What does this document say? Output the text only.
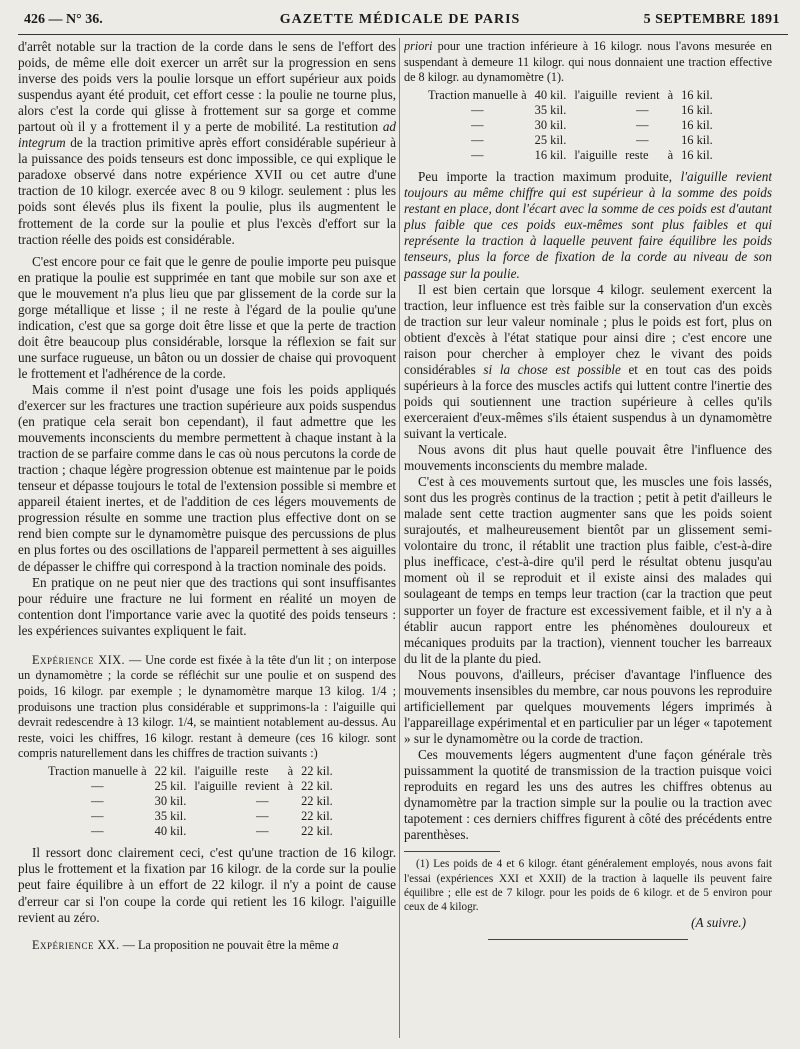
426 — N° 36.	GAZETTE MÉDICALE DE PARIS	5 SEPTEMBRE 1891

d'arrêt notable sur la traction de la corde dans le sens de l'effort des poids, de même elle doit exercer un arrêt sur la progression en sens inverse des poids vers la poulie lorsque un effort supérieur aux poids suspendus ayant été produit, cet effort cesse : la poulie ne tourne plus, alors c'est la corde qui glisse à frottement sur sa gorge et comme partout où il y a frottement il y a perte de mobilité. La restitution ad integrum de la traction primitive après effort considérable supérieur à la puissance des poids tenseurs est donc impossible, ce qui explique le paradoxe observé dans notre expérience XVII ou cet autre d'une traction de 10 kilogr. exercée avec 8 ou 9 kilogr. seulement : plus les poids sont élevés plus ils fixent la poulie, plus ils augmentent le frottement de la corde sur la poulie et plus l'excès d'effort sur la traction réelle des poids est considérable.

C'est encore pour ce fait que le genre de poulie importe peu puisque en pratique la poulie est supprimée en tant que mobile sur son axe et que le mouvement n'a plus lieu que par glissement de la corde sur la gorge métallique et lisse ; il ne reste à l'égard de la poulie qu'une indication, c'est que sa gorge doit être lisse et que la perte de traction doit être beaucoup plus considérable, lorsque la réflexion se fait sur une surface rugueuse, un bâton ou un dossier de chaise qui provoquent le frottement et l'adhérence de la corde.

Mais comme il n'est point d'usage une fois les poids appliqués d'exercer sur les fractures une traction supérieure aux poids suspendus (en pratique cela serait bon cependant), il faut admettre que les mouvements inconscients du membre permettent à chaque instant à la traction de se parfaire comme dans le cas où nous percutons la corde de traction ; chaque légère progression obtenue est maintenue par le poids tenseur et dépasse toujours le total de l'extension possible si membre et appareil étaient inertes, et de l'addition de ces légers mouvements de progression résulte en somme une traction plus effective dont on se rend bien compte sur le dynamomètre puisque des percussions de plus en plus fortes ou des oscillations de l'appareil permettent à ses aiguilles de dépasser le chiffre qui correspond à la traction nominale des poids.

En pratique on ne peut nier que des tractions qui sont insuffisantes pour réduire une fracture ne lui forment en réalité un moyen de contention dont l'importance varie avec la quotité des poids tenseurs : les expériences suivantes expliquent le fait.

Expérience XIX. — Une corde est fixée à la tête d'un lit ; on interpose un dynamomètre ; la corde se réfléchit sur une poulie et on suspend des poids, 16 kilogr. par exemple ; le dynamomètre marque 13 kilog. 1/4 ; produisons une traction plus considérable et supprimons-la : l'aiguille qui devrait redescendre à 13 kilogr. 1/4, se maintient notablement au-dessus. Au reste, voici les chiffres, 16 kilogr. restant à demeure (ces 16 kilogr. sont compris naturellement dans les chiffres de traction suivants :)

Traction manuelle à	22 kil.	l'aiguille	reste	à	22 kil.
—	25 kil.	l'aiguille	revient	à	22 kil.
—	30 kil.		—		22 kil.
—	35 kil.		—		22 kil.
—	40 kil.		—		22 kil.

Il ressort donc clairement ceci, c'est qu'une traction de 16 kilogr. plus le frottement et la fixation par 16 kilogr. de la corde sur la poulie peut faire équilibre à un effort de 22 kilogr. il n'y a point de cause d'erreur car si l'on coupe la corde qui retient les 16 kilogr. l'aiguille revient au zéro.

Expérience XX. — La proposition ne pouvait être la même a

priori pour une traction inférieure à 16 kilogr. nous l'avons mesurée en suspendant à demeure 11 kilogr. qui nous donnaient une traction effective de 8 kilogr. au dynamomètre (1).

Traction manuelle à	40 kil.	l'aiguille	revient	à	16 kil.
—	35 kil.		—		16 kil.
—	30 kil.		—		16 kil.
—	25 kil.		—		16 kil.
—	16 kil.	l'aiguille	reste	à	16 kil.

Peu importe la traction maximum produite, l'aiguille revient toujours au même chiffre qui est supérieur à la somme des poids restant en place, dont l'écart avec la somme de ces poids est d'autant plus faible que ces poids eux-mêmes sont plus faibles et qui représente la traction à laquelle peuvent faire équilibre les poids tenseurs, plus la force de fixation de la corde au niveau de son passage sur la poulie.

Il est bien certain que lorsque 4 kilogr. seulement exercent la traction, leur influence est très faible sur la conservation d'un excès de traction sur leur valeur nominale ; plus le poids est fort, plus on obtient d'excès à l'état statique pour ainsi dire ; c'est encore une raison pour chercher à employer chez le vivant des poids considérables si la chose est possible et en tout cas des poids supérieurs à la force des muscles actifs qui luttent contre l'inertie des poids qui soutiennent une traction supérieure à celles qu'ils exerceraient d'eux-mêmes s'ils étaient suspendus à un dynamomètre suivant la verticale.

Nous avons dit plus haut quelle pouvait être l'influence des mouvements inconscients du membre malade.

C'est à ces mouvements surtout que, les muscles une fois lassés, sont dus les progrès continus de la traction ; petit à petit d'ailleurs le malade sent cette traction augmenter sans que les poids soient surajoutés, et malheureusement bientôt par un glissement semi-volontaire du tronc, il rétablit une traction plus faible, c'est-à-dire plus inefficace, c'est-à-dire qu'il perd le résultat obtenu jusqu'au moment où il se reproduit et il existe ainsi des malades qui soulageant de temps en temps leur traction (car la traction que peut supporter un foyer de fracture est excessivement faible, et il n'y a à établir aucun rapport entre les phénomènes douloureux et mécaniques produits par la traction), viennent toucher les barreaux du lit de la plante du pied.

Nous pouvons, d'ailleurs, préciser d'avantage l'influence des mouvements insensibles du membre, car nous pouvons les reproduire artificiellement par quelques mouvements légers imprimés à l'appareillage expérimental et en particulier par un léger « tapotement » sur le dynamomètre ou la corde de traction.

Ces mouvements légers augmentent d'une façon générale très puissamment la quotité de transmission de la traction puisque voici reproduits en regard les uns des autres les chiffres obtenus au dynamomètre par la traction simple sur la poulie ou la traction avec tapotement : ces derniers chiffres figurent à côté des précédents entre parenthèses.

(1) Les poids de 4 et 6 kilogr. étant généralement employés, nous avons fait l'essai (expériences XXI et XXII) de la traction à laquelle ils peuvent faire équilibre ; elle est de 7 kilogr. pour les poids de 6 kilogr. et de 5 environ pour ceux de 4 kilogr.

(A suivre.)
